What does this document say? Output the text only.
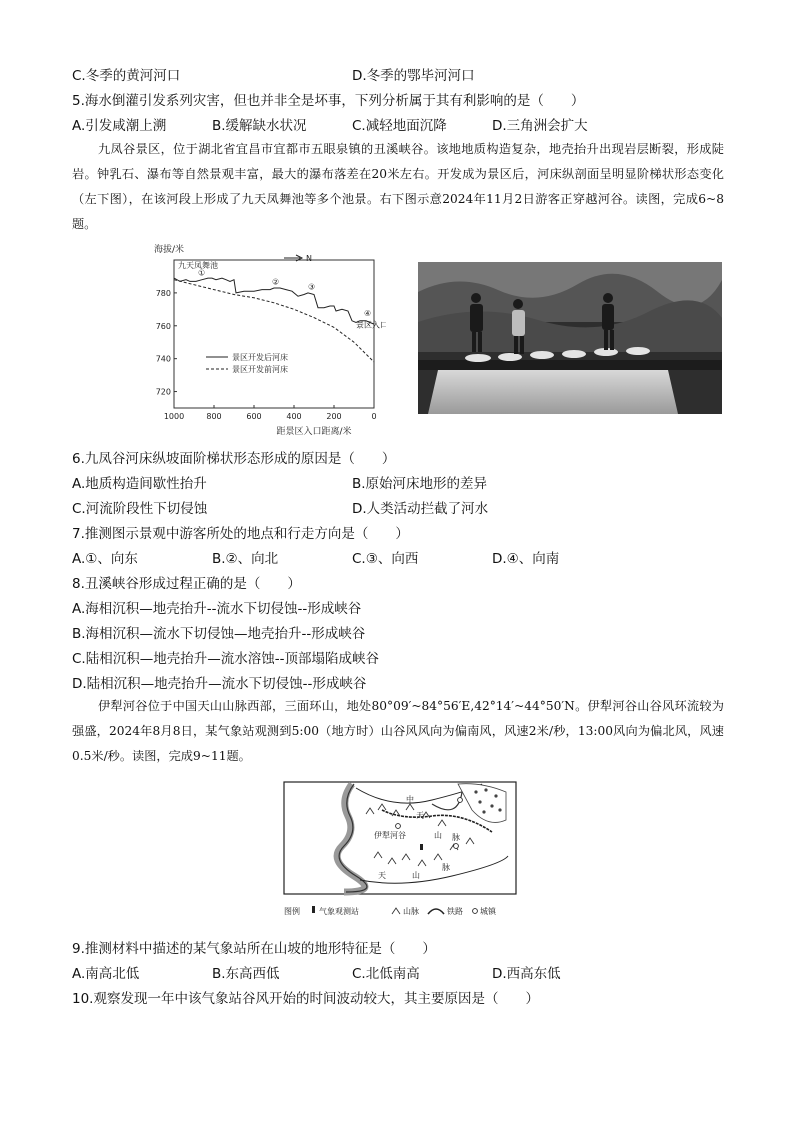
C.冬季的黄河河口	D.冬季的鄂毕河河口
5.海水倒灌引发系列灾害，但也并非全是坏事，下列分析属于其有利影响的是（　　）
A.引发咸潮上溯	B.缓解缺水状况	C.减轻地面沉降	D.三角洲会扩大

九凤谷景区，位于湖北省宜昌市宜都市五眼泉镇的丑溪峡谷。该地地质构造复杂，地壳抬升出现岩层断裂，形成陡岩。钟乳石、瀑布等自然景观丰富，最大的瀑布落差在20米左右。开发成为景区后，河床纵剖面呈明显阶梯状形态变化（左下图），在该河段上形成了九天凤舞池等多个池景。右下图示意2024年11月2日游客正穿越河谷。读图，完成6~8题。

海拔/米
距景区入口距离/米
1000	800	600	400	200	0
720
740
760
780
景区开发后河床
景区开发前河床
N
九天凤舞池
①
②
③
④
景区入口
6.九凤谷河床纵坡面阶梯状形态形成的原因是（　　）
A.地质构造间歇性抬升	B.原始河床地形的差异
C.河流阶段性下切侵蚀	D.人类活动拦截了河水
7.推测图示景观中游客所处的地点和行走方向是（　　）
A.①、向东	B.②、向北	C.③、向西	D.④、向南
8.丑溪峡谷形成过程正确的是（　　）
A.海相沉积—地壳抬升--流水下切侵蚀--形成峡谷
B.海相沉积—流水下切侵蚀—地壳抬升--形成峡谷
C.陆相沉积—地壳抬升—流水溶蚀--顶部塌陷成峡谷
D.陆相沉积—地壳抬升—流水下切侵蚀--形成峡谷

伊犁河谷位于中国天山山脉西部，三面环山，地处80°09′~84°56′E,42°14′~44°50′N。伊犁河谷山谷风环流较为强盛，2024年8月8日，某气象站观测到5:00（地方时）山谷风风向为偏南风，风速2米/秒，13:00风向为偏北风，风速0.5米/秒。读图，完成9~11题。

中
天
山
伊犁河谷	脉
天	山
脉
图例 气象观测站	山脉	铁路 城镇
9.推测材料中描述的某气象站所在山坡的地形特征是（　　）
A.南高北低	B.东高西低	C.北低南高	D.西高东低
10.观察发现一年中该气象站谷风开始的时间波动较大，其主要原因是（　　）
